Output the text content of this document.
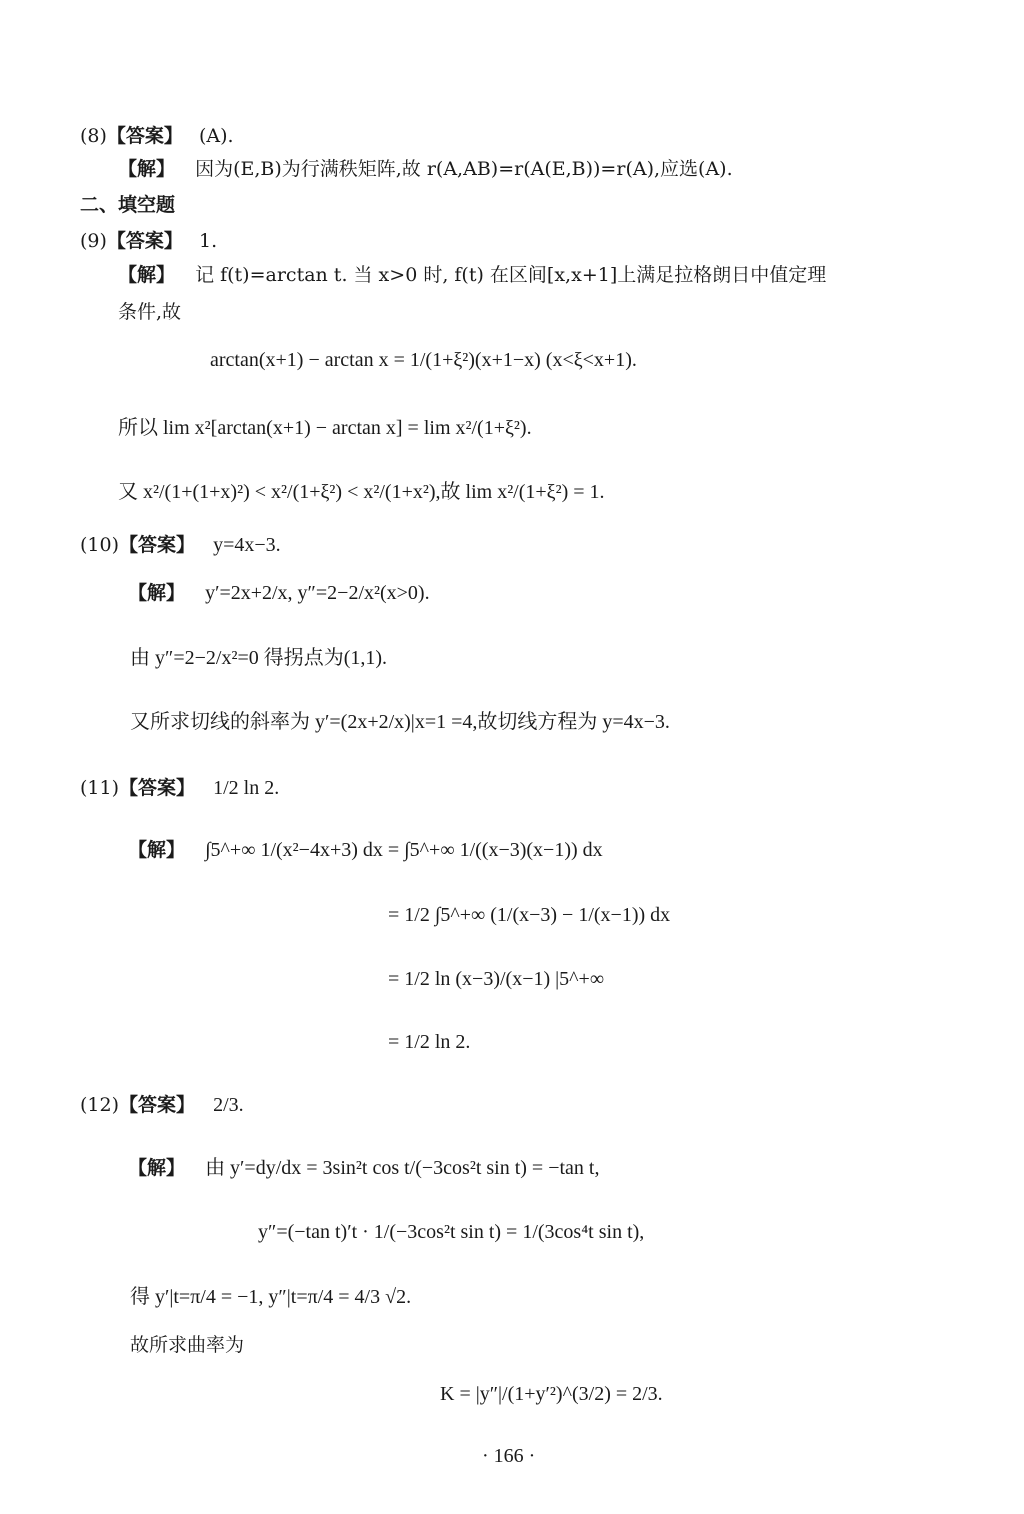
(8)【答案】 (A).
【解】 因为(E,B)为行满秩矩阵,故 r(A,AB)=r(A(E,B))=r(A),应选(A).
二、填空题
(9)【答案】 1.
【解】 记 f(t)=arctan t. 当 x>0 时, f(t) 在区间[x,x+1]上满足拉格朗日中值定理
条件,故
arctan(x+1) − arctan x = 1/(1+ξ²)(x+1−x) (x<ξ<x+1).
所以 lim x²[arctan(x+1) − arctan x] = lim x²/(1+ξ²).
又 x²/(1+(1+x)²) < x²/(1+ξ²) < x²/(1+x²),故 lim x²/(1+ξ²) = 1.
(10)【答案】 y=4x−3.
【解】 y′=2x+2/x, y″=2−2/x²(x>0).
由 y″=2−2/x²=0 得拐点为(1,1).
又所求切线的斜率为 y′=(2x+2/x)|x=1 =4,故切线方程为 y=4x−3.
(11)【答案】 1/2 ln 2.
【解】 ∫5^+∞ 1/(x²−4x+3) dx = ∫5^+∞ 1/((x−3)(x−1)) dx
= 1/2 ∫5^+∞ (1/(x−3) − 1/(x−1)) dx
= 1/2 ln (x−3)/(x−1) |5^+∞
= 1/2 ln 2.
(12)【答案】 2/3.
【解】 由 y′=dy/dx = 3sin²t cos t/(−3cos²t sin t) = −tan t,
y″=(−tan t)′t · 1/(−3cos²t sin t) = 1/(3cos⁴t sin t),
得 y′|t=π/4 = −1, y″|t=π/4 = 4/3 √2.
故所求曲率为
K = |y″|/(1+y′²)^(3/2) = 2/3.
· 166 ·
